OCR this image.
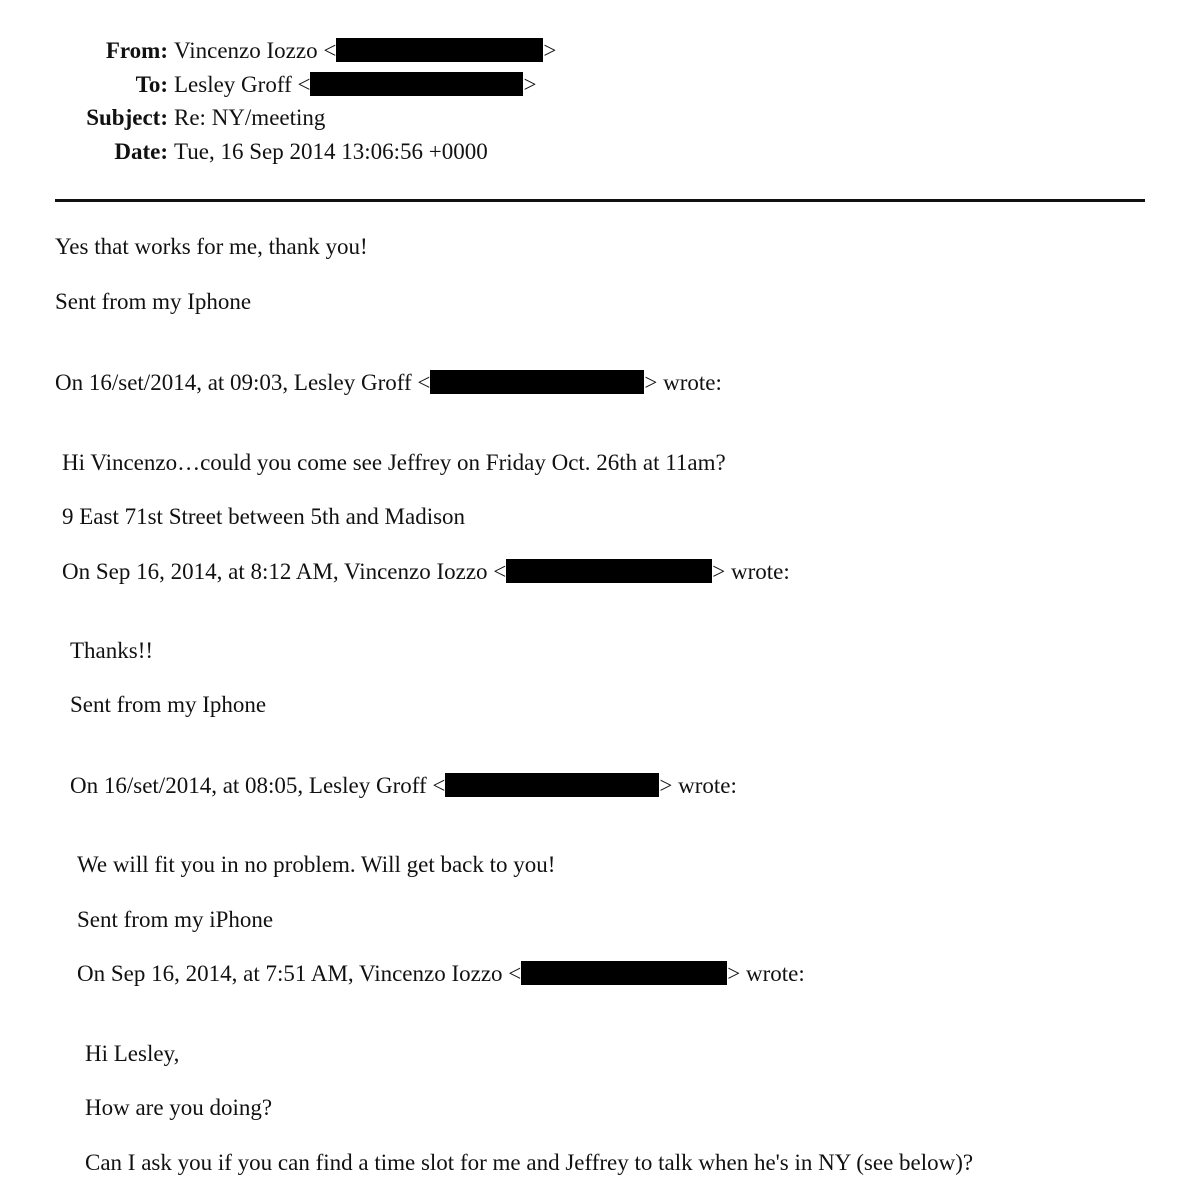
From: Vincenzo Iozzo <	>
To: Lesley Groff <	>
Subject: Re: NY/meeting
Date: Tue, 16 Sep 2014 13:06:56 +0000
Yes that works for me, thank you!
Sent from my Iphone
On 16/set/2014, at 09:03, Lesley Groff <	> wrote:
Hi Vincenzo…could you come see Jeffrey on Friday Oct. 26th at 11am?
9 East 71st Street between 5th and Madison
On Sep 16, 2014, at 8:12 AM, Vincenzo Iozzo <	> wrote:
Thanks!!
Sent from my Iphone
On 16/set/2014, at 08:05, Lesley Groff <	> wrote:
We will fit you in no problem. Will get back to you!
Sent from my iPhone
On Sep 16, 2014, at 7:51 AM, Vincenzo Iozzo <	> wrote:
Hi Lesley,
How are you doing?
Can I ask you if you can find a time slot for me and Jeffrey to talk when he's in NY (see below)?
